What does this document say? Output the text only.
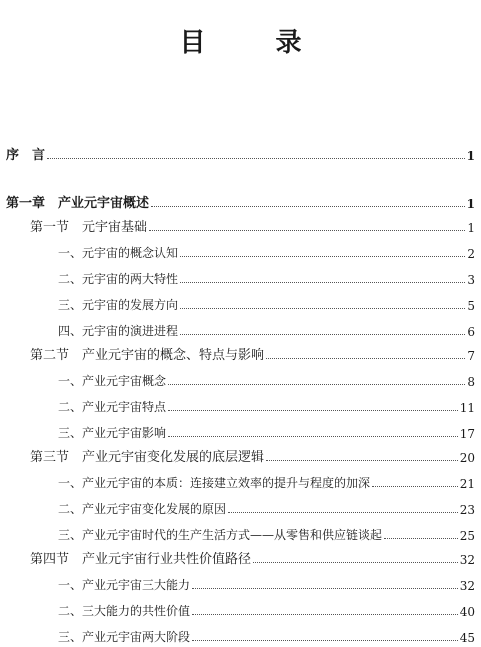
目　录
序　言	1
第一章　产业元宇宙概述	1
第一节　元宇宙基础	1
一、元宇宙的概念认知	2
二、元宇宙的两大特性	3
三、元宇宙的发展方向	5
四、元宇宙的演进进程	6
第二节　产业元宇宙的概念、特点与影响	7
一、产业元宇宙概念	8
二、产业元宇宙特点	11
三、产业元宇宙影响	17
第三节　产业元宇宙变化发展的底层逻辑	20
一、产业元宇宙的本质：连接建立效率的提升与程度的加深	21
二、产业元宇宙变化发展的原因	23
三、产业元宇宙时代的生产生活方式——从零售和供应链谈起	25
第四节　产业元宇宙行业共性价值路径	32
一、产业元宇宙三大能力	32
二、三大能力的共性价值	40
三、产业元宇宙两大阶段	45
